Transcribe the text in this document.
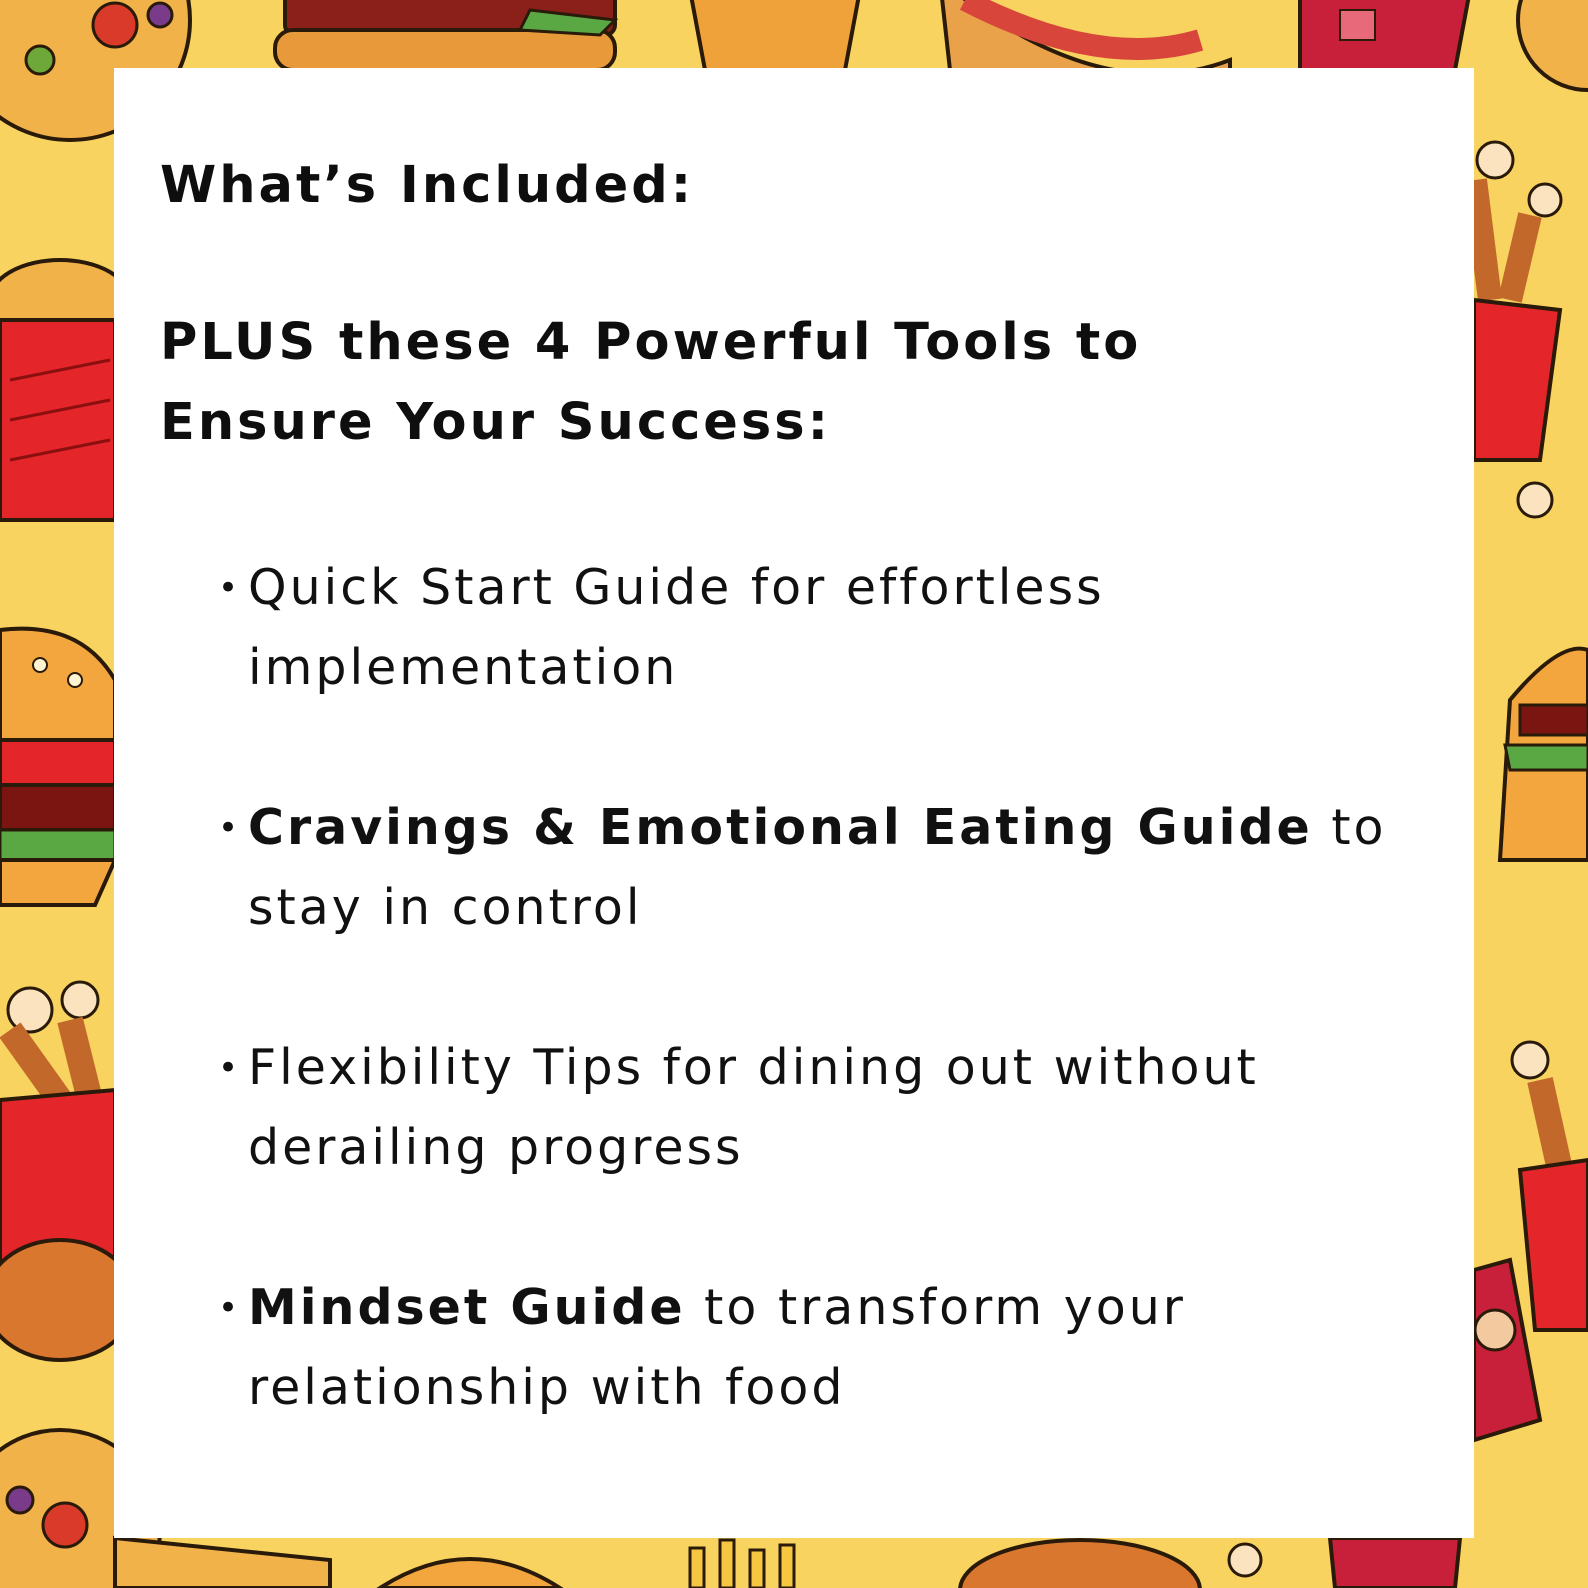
What’s Included:
PLUS these 4 Powerful Tools to Ensure Your Success:
• Quick Start Guide for effortless implementation
• Cravings & Emotional Eating Guide to stay in control
• Flexibility Tips for dining out without derailing progress
• Mindset Guide to transform your relationship with food
